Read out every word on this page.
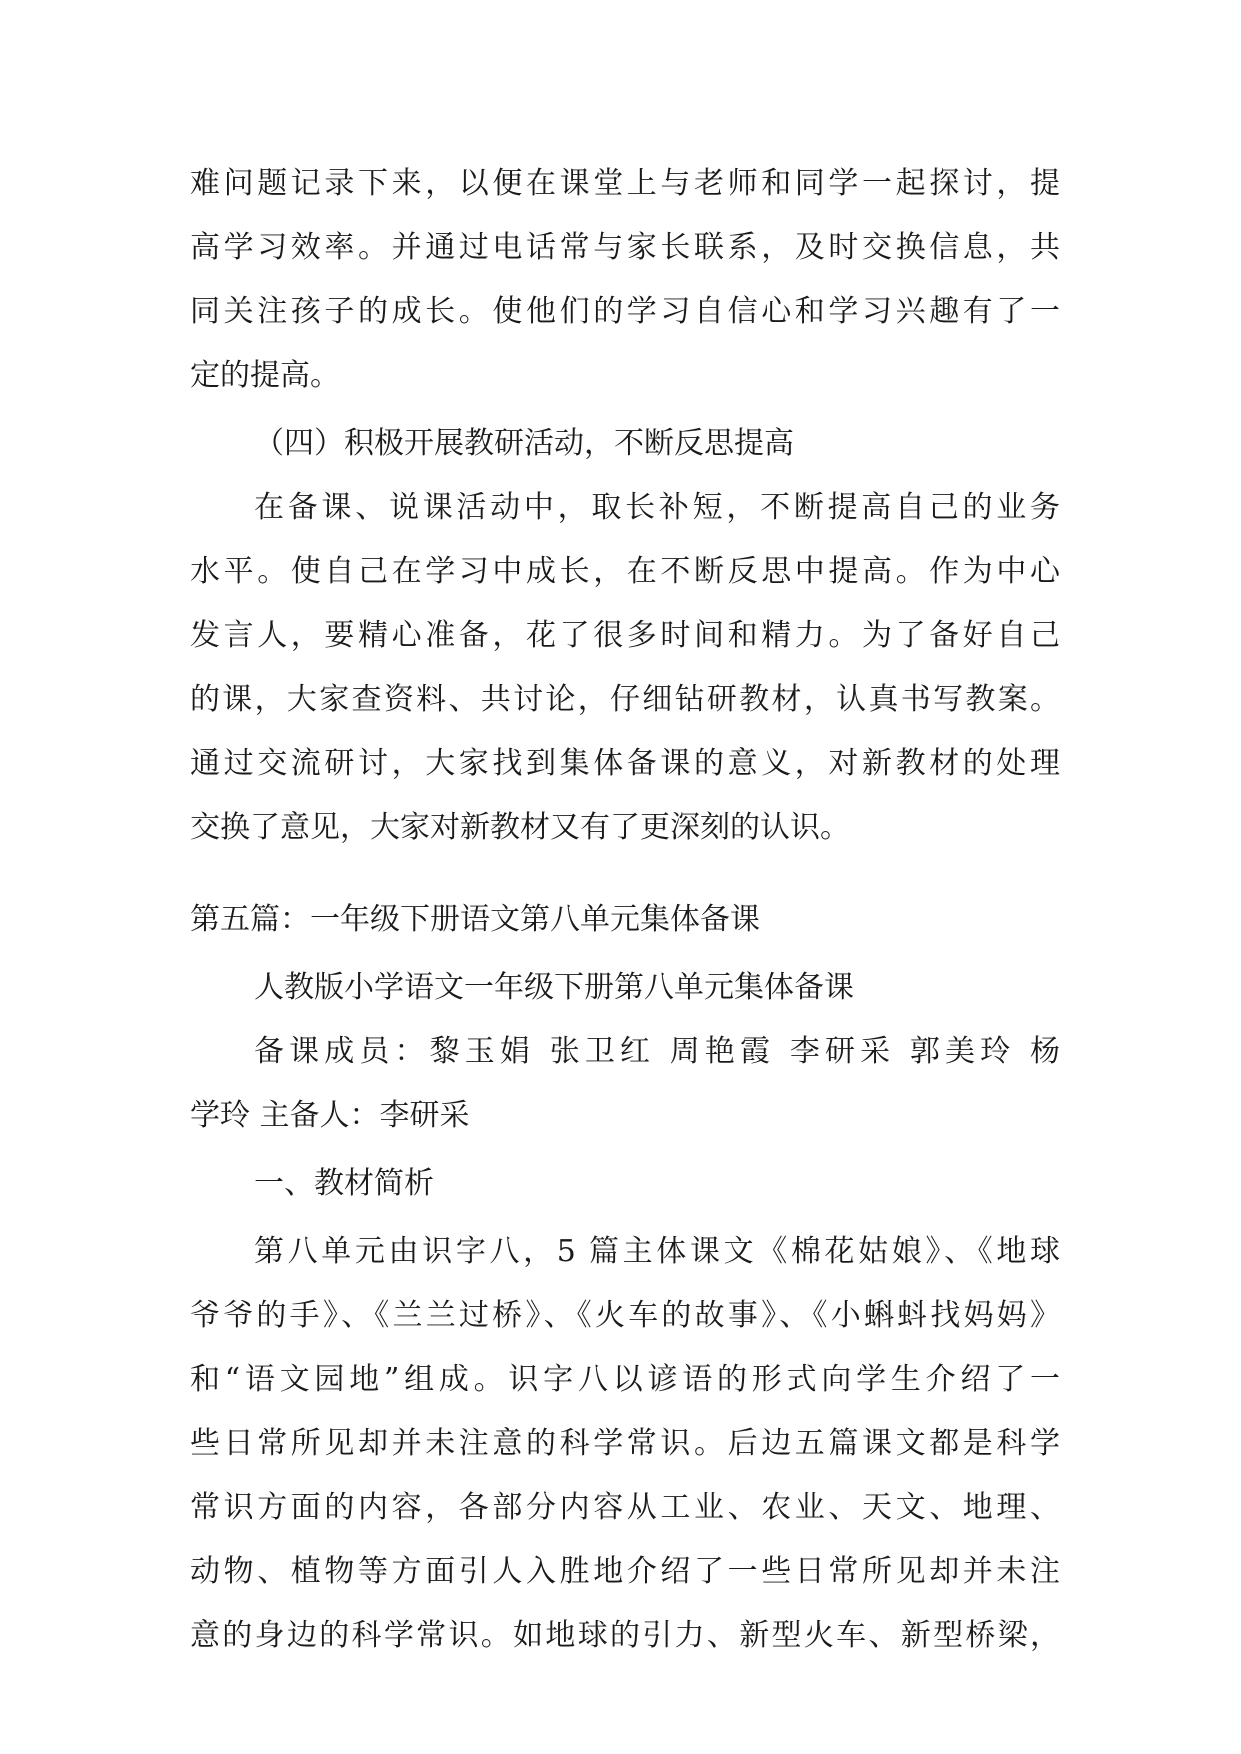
难问题记录下来，以便在课堂上与老师和同学一起探讨，提
高学习效率。并通过电话常与家长联系，及时交换信息，共
同关注孩子的成长。使他们的学习自信心和学习兴趣有了一
定的提高。
（四）积极开展教研活动，不断反思提高
在备课、说课活动中，取长补短，不断提高自己的业务
水平。使自己在学习中成长，在不断反思中提高。作为中心
发言人，要精心准备，花了很多时间和精力。为了备好自己
的课，大家查资料、共讨论，仔细钻研教材，认真书写教案。
通过交流研讨，大家找到集体备课的意义，对新教材的处理
交换了意见，大家对新教材又有了更深刻的认识。
第五篇：一年级下册语文第八单元集体备课
人教版小学语文一年级下册第八单元集体备课
备课成员：黎玉娟 张卫红 周艳霞 李研采 郭美玲 杨
学玲 主备人：李研采
一、教材简析
第八单元由识字八，5 篇主体课文《棉花姑娘》、《地球
爷爷的手》、《兰兰过桥》、《火车的故事》、《小蝌蚪找妈妈》
和“语文园地”组成。识字八以谚语的形式向学生介绍了一
些日常所见却并未注意的科学常识。后边五篇课文都是科学
常识方面的内容，各部分内容从工业、农业、天文、地理、
动物、植物等方面引人入胜地介绍了一些日常所见却并未注
意的身边的科学常识。如地球的引力、新型火车、新型桥梁，
